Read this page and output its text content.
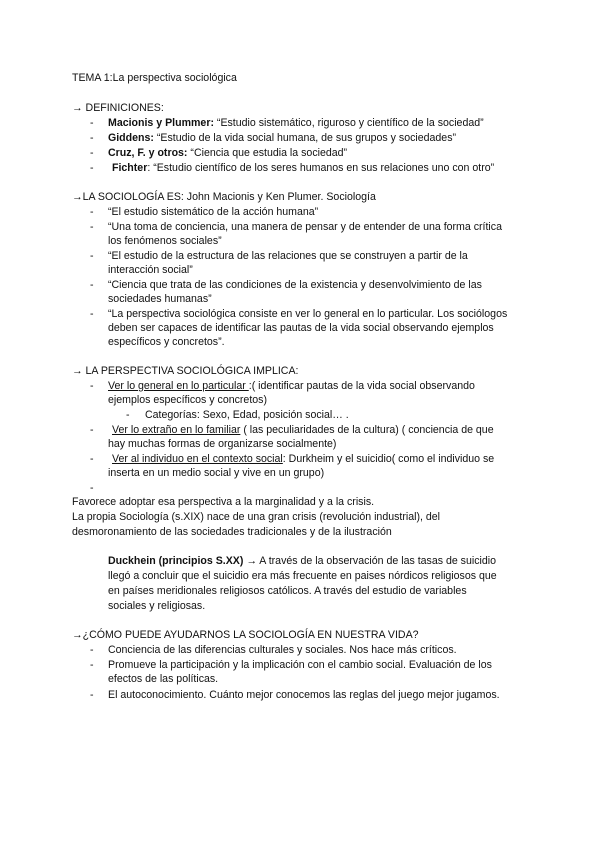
TEMA 1:La perspectiva sociológica
→ DEFINICIONES:
- Macionis y Plummer: “Estudio sistemático, riguroso y científico de la sociedad”
- Giddens: “Estudio de la vida social humana, de sus grupos y sociedades”
- Cruz, F. y otros: “Ciencia que estudia la sociedad”
- Fichter: “Estudio científico de los seres humanos en sus relaciones uno con otro”
→LA SOCIOLOGÍA ES: John Macionis y Ken Plumer. Sociología
- “El estudio sistemático de la acción humana”
- “Una toma de conciencia, una manera de pensar y de entender de una forma crítica
los fenómenos sociales”
- “El estudio de la estructura de las relaciones que se construyen a partir de la
interacción social”
- “Ciencia que trata de las condiciones de la existencia y desenvolvimiento de las
sociedades humanas”
- “La perspectiva sociológica consiste en ver lo general en lo particular. Los sociólogos
deben ser capaces de identificar las pautas de la vida social observando ejemplos
específicos y concretos”.
→ LA PERSPECTIVA SOCIOLÓGICA IMPLICA:
- Ver lo general en lo particular :( identificar pautas de la vida social observando
ejemplos específicos y concretos)
- Categorías: Sexo, Edad, posición social… .
- Ver lo extraño en lo familiar ( las peculiaridades de la cultura) ( conciencia de que
hay muchas formas de organizarse socialmente)
- Ver al individuo en el contexto social: Durkheim y el suicidio( como el individuo se
inserta en un medio social y vive en un grupo)
-
Favorece adoptar esa perspectiva a la marginalidad y a la crisis.
La propia Sociología (s.XIX) nace de una gran crisis (revolución industrial), del
desmoronamiento de las sociedades tradicionales y de la ilustración
Duckhein (principios S.XX) → A través de la observación de las tasas de suicidio
llegó a concluir que el suicidio era más frecuente en paises nórdicos religiosos que
en países meridionales religiosos católicos. A través del estudio de variables
sociales y religiosas.
→¿CÓMO PUEDE AYUDARNOS LA SOCIOLOGÍA EN NUESTRA VIDA?
- Conciencia de las diferencias culturales y sociales. Nos hace más críticos.
- Promueve la participación y la implicación con el cambio social. Evaluación de los
efectos de las políticas.
- El autoconocimiento. Cuánto mejor conocemos las reglas del juego mejor jugamos.
